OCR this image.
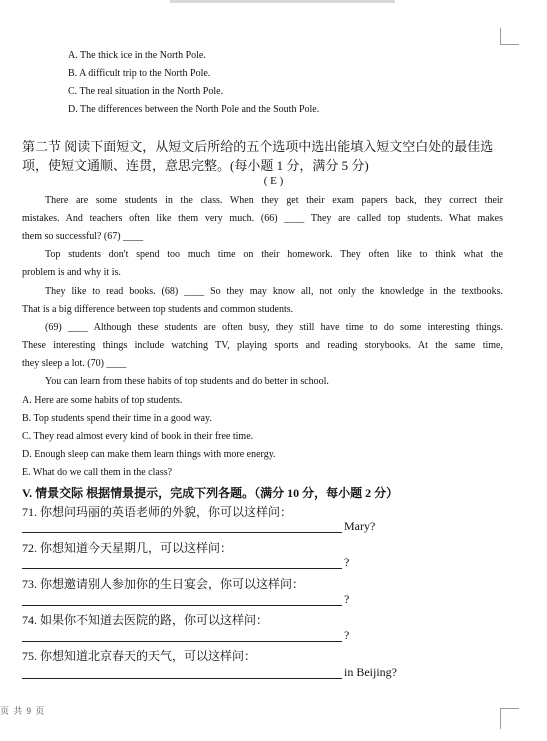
A. The thick ice in the North Pole.
B. A difficult trip to the North Pole.
C. The real situation in the North Pole.
D. The differences between the North Pole and the South Pole.
第二节 阅读下面短文，从短文后所给的五个选项中选出能填入短文空白处的最佳选
项，使短文通顺、连贯，意思完整。(每小题 1 分，满分 5 分)
( E )
There are some students in the class. When they get their exam papers back, they correct their
mistakes. And teachers often like them very much. (66) ____ They are called top students. What makes
them so successful? (67) ____
Top students don't spend too much time on their homework. They often like to think what the
problem is and why it is.
They like to read books. (68) ____ So they may know all, not only the knowledge in the textbooks.
That is a big difference between top students and common students.
(69) ____ Although these students are often busy, they still have time to do some interesting things.
These interesting things include watching TV, playing sports and reading storybooks. At the same time,
they sleep a lot. (70) ____
You can learn from these habits of top students and do better in school.
A. Here are some habits of top students.
B. Top students spend their time in a good way.
C. They read almost every kind of book in their free time.
D. Enough sleep can make them learn things with more energy.
E. What do we call them in the class?
V. 情景交际 根据情景提示，完成下列各题。（满分 10 分，每小题 2 分）
71. 你想问玛丽的英语老师的外貌，你可以这样问：
Mary?
72. 你想知道今天星期几，可以这样问：
?
73. 你想邀请别人参加你的生日宴会，你可以这样问：
?
74. 如果你不知道去医院的路，你可以这样问：
?
75. 你想知道北京春天的天气，可以这样问：
in Beijing?
页 共 9 页
